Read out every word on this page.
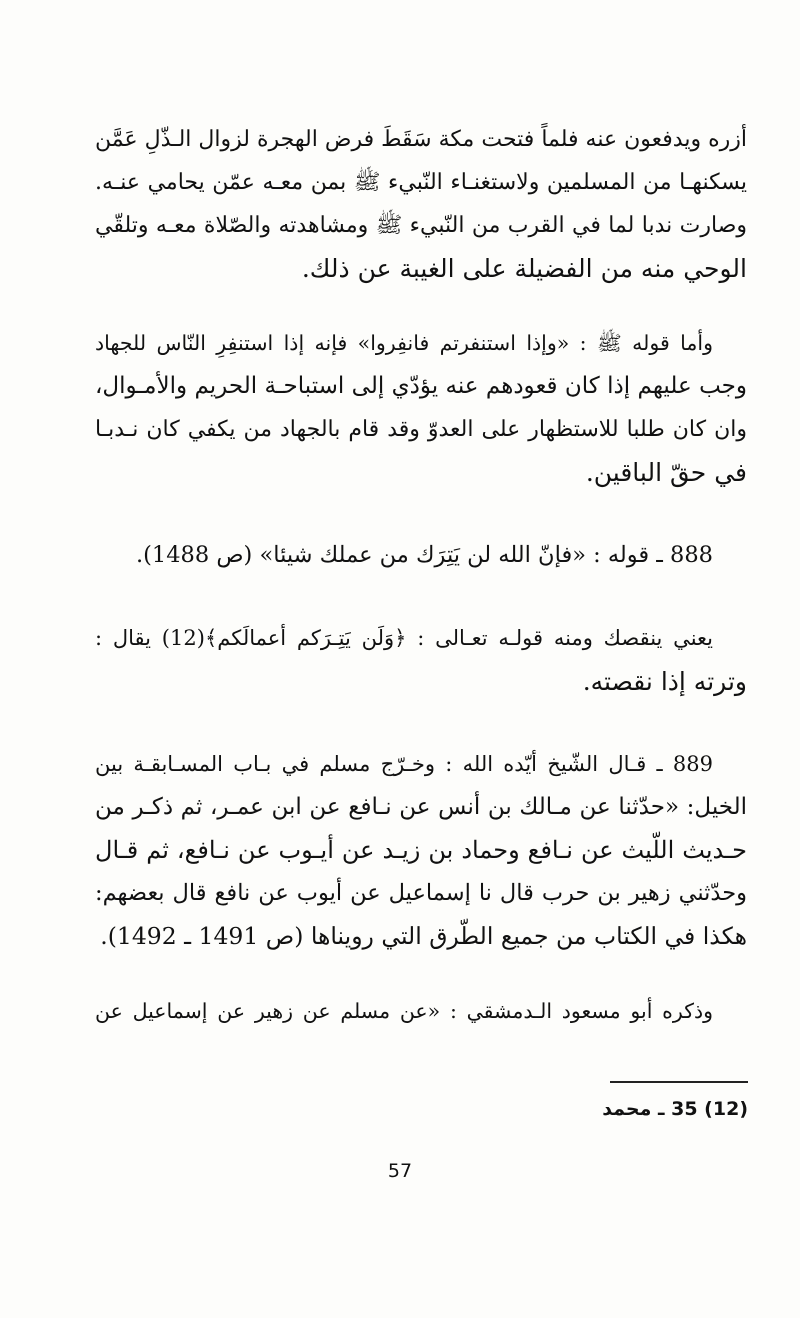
أزره ويدفعون عنه فلماً فتحت مكة سَقَطَ فرض الهجرة لزوال الـذّلِ عَمَّن
يسكنهـا من المسلمين ولاستغنـاء النّبيء ﷺ بمن معـه عمّن يحامي عنـه.
وصارت ندبا لما في القرب من النّبيء ﷺ ومشاهدته والصّلاة معـه وتلقّي
الوحي منه من الفضيلة على الغيبة عن ذلك.
وأما قوله ﷺ : «وإذا استنفرتم فانفِروا» فإنه إذا استنفِرِ النّاس للجهاد
وجب عليهم إذا كان قعودهم عنه يؤدّي إلى استباحـة الحريم والأمـوال،
وان كان طلبا للاستظهار على العدوّ وقد قام بالجهاد من يكفي كان نـدبـا
في حقّ الباقين.
888 ـ قوله : «فإنّ الله لن يَتِرَك من عملك شيئا» (ص 1488).
يعني ينقصك ومنه قولـه تعـالى : ﴿وَلَن يَتِـرَكم أعمالَكم﴾(12) يقال :
وترته إذا نقصته.
889 ـ قـال الشّيخ أيّده الله : وخـرّج مسلم في بـاب المسـابقـة بين
الخيل: «حدّثنا عن مـالك بن أنس عن نـافع عن ابن عمـر، ثم ذكـر من
حـديث اللّيث عن نـافع وحماد بن زيـد عن أيـوب عن نـافع، ثم قـال
وحدّثني زهير بن حرب قال نا إسماعيل عن أيوب عن نافع قال بعضهم:
هكذا في الكتاب من جميع الطّرق التي رويناها (ص 1491 ـ 1492).
وذكره أبو مسعود الـدمشقي : «عن مسلم عن زهير عن إسماعيل عن
(12) 35 ـ محمد
57
